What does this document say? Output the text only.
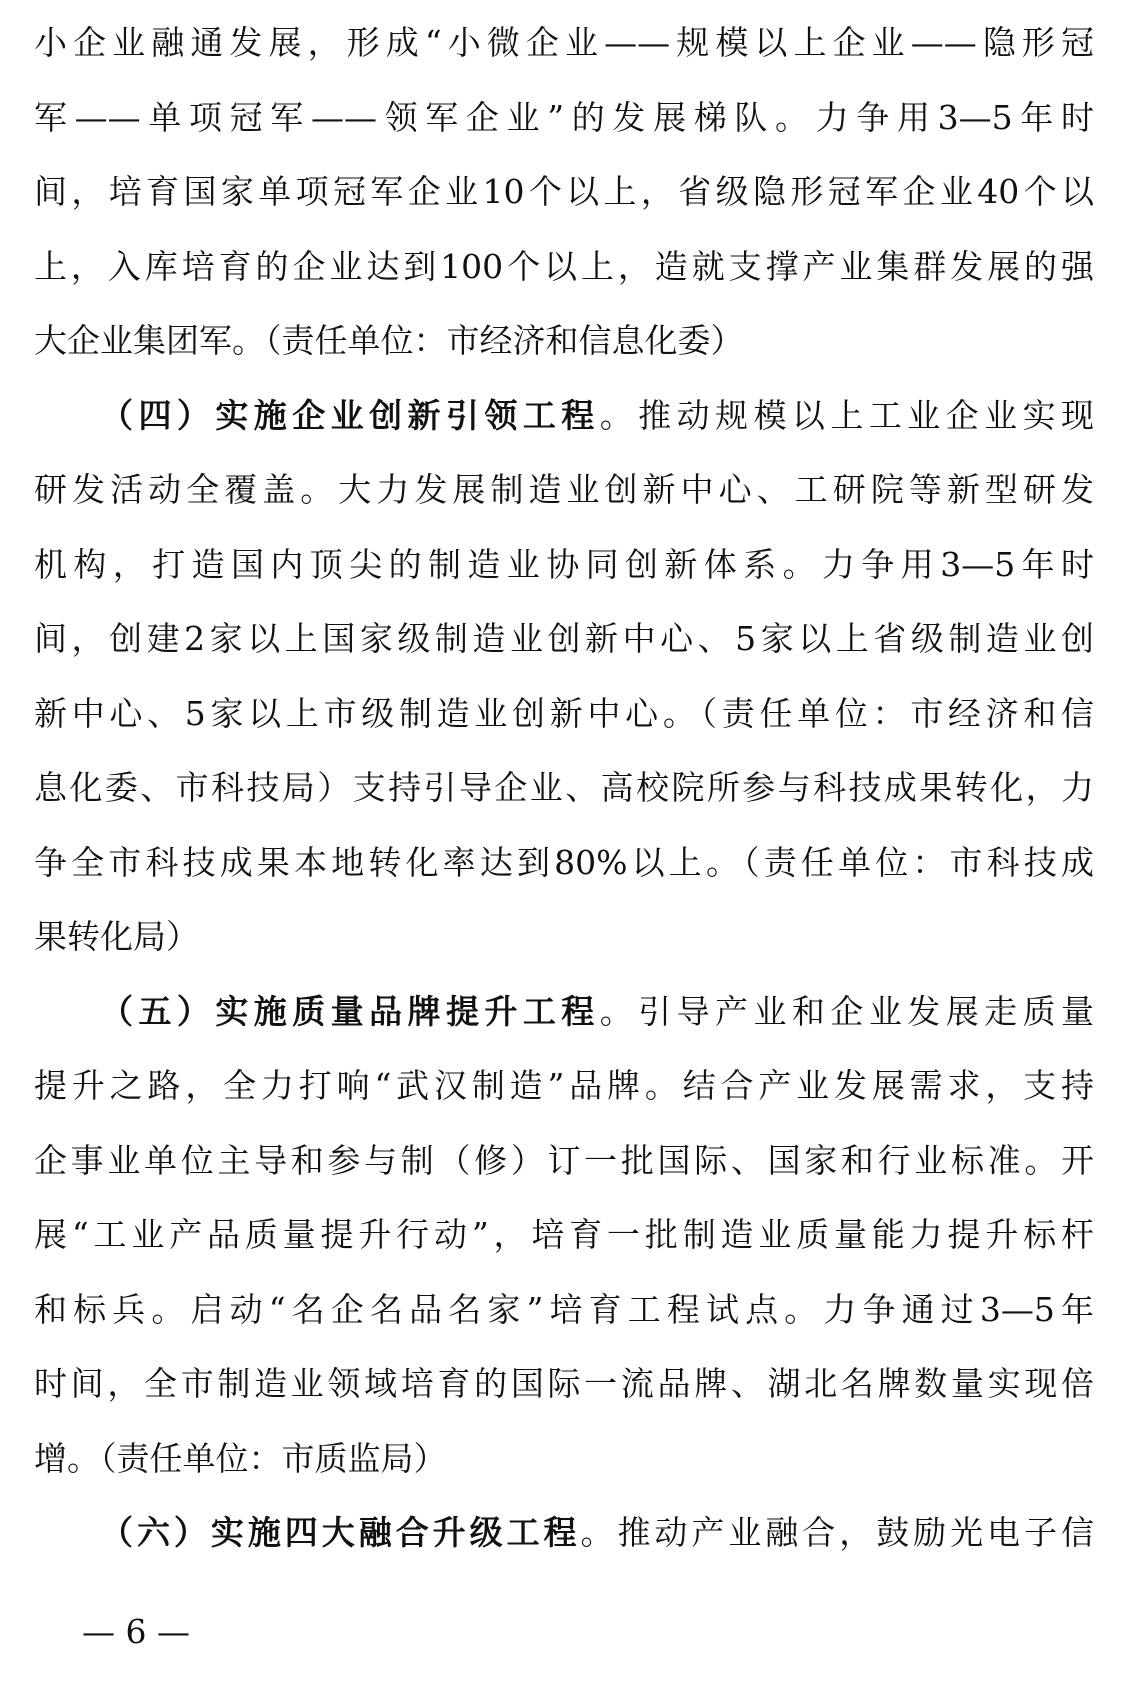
小企业融通发展，形成“小微企业——规模以上企业——隐形冠
军——单项冠军——领军企业”的发展梯队。力争用3—5年时
间，培育国家单项冠军企业10个以上，省级隐形冠军企业40个以
上，入库培育的企业达到100个以上，造就支撑产业集群发展的强
大企业集团军。（责任单位：市经济和信息化委）
（四）实施企业创新引领工程。推动规模以上工业企业实现
研发活动全覆盖。大力发展制造业创新中心、工研院等新型研发
机构，打造国内顶尖的制造业协同创新体系。力争用3—5年时
间，创建2家以上国家级制造业创新中心、5家以上省级制造业创
新中心、5家以上市级制造业创新中心。（责任单位：市经济和信
息化委、市科技局）支持引导企业、高校院所参与科技成果转化，力
争全市科技成果本地转化率达到80%以上。（责任单位：市科技成
果转化局）
（五）实施质量品牌提升工程。引导产业和企业发展走质量
提升之路，全力打响“武汉制造”品牌。结合产业发展需求，支持
企事业单位主导和参与制（修）订一批国际、国家和行业标准。开
展“工业产品质量提升行动”，培育一批制造业质量能力提升标杆
和标兵。启动“名企名品名家”培育工程试点。力争通过3—5年
时间，全市制造业领域培育的国际一流品牌、湖北名牌数量实现倍
增。（责任单位：市质监局）
（六）实施四大融合升级工程。推动产业融合，鼓励光电子信
— 6 —
